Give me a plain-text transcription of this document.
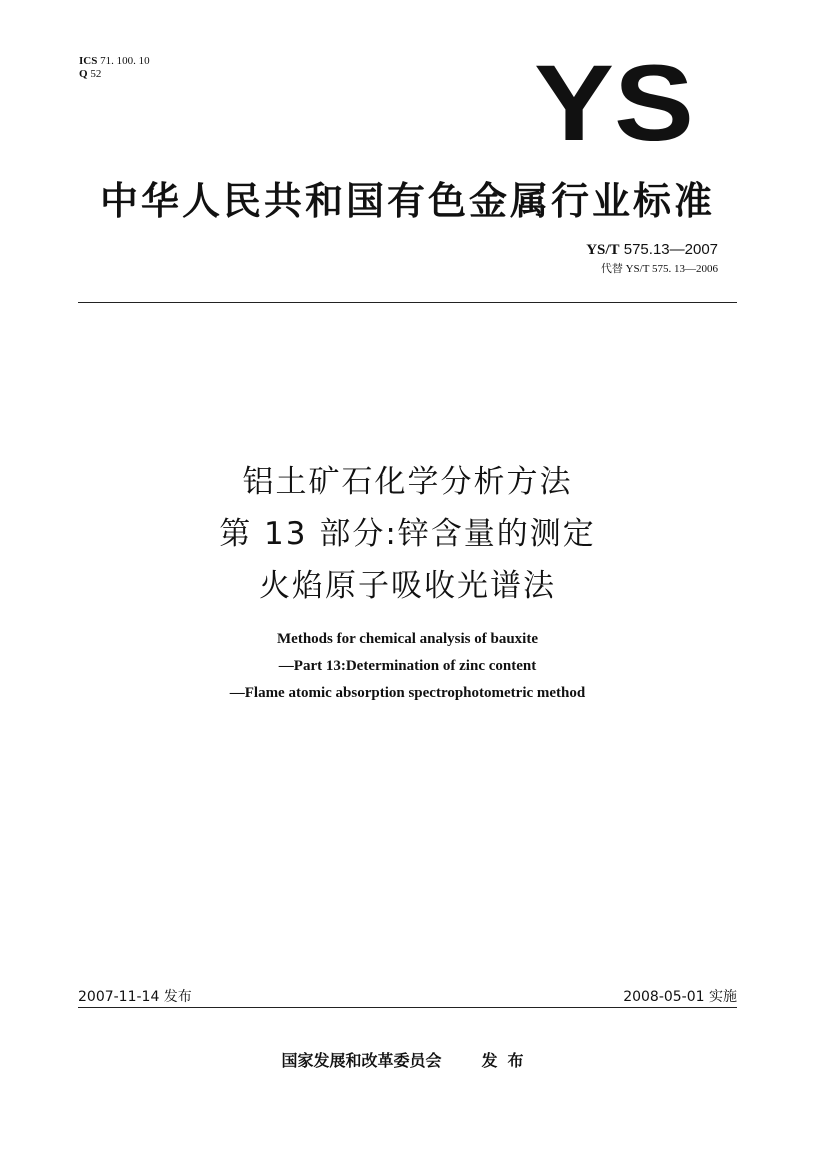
ICS 71. 100. 10
Q 52	YS
中华人民共和国有色金属行业标准
YS/T 575.13—2007
代替 YS/T 575. 13—2006
铝土矿石化学分析方法
第 13 部分:锌含量的测定
火焰原子吸收光谱法
Methods for chemical analysis of bauxite
—Part 13:Determination of zinc content
—Flame atomic absorption spectrophotometric method
2007-11-14 发布	2008-05-01 实施
国家发展和改革委员会	发布
